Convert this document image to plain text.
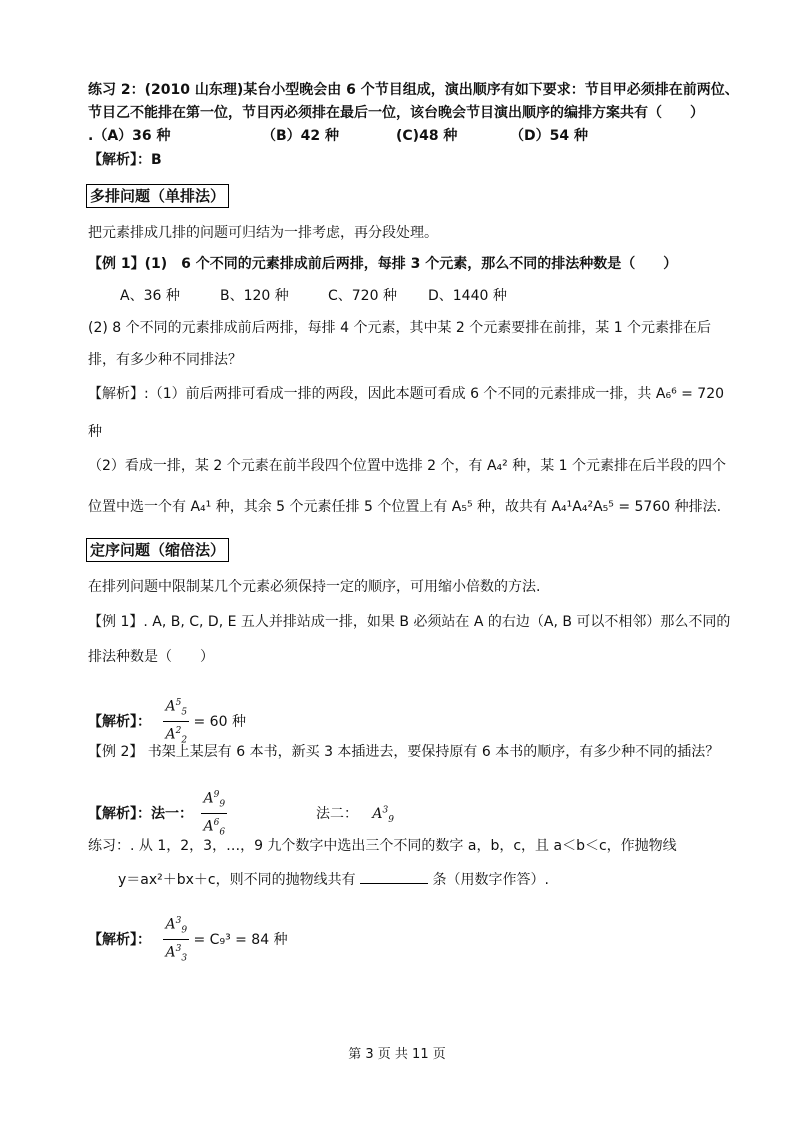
练习 2：(2010 山东理)某台小型晚会由 6 个节目组成，演出顺序有如下要求：节目甲必须排在前两位、
节目乙不能排在第一位，节目丙必须排在最后一位，该台晚会节目演出顺序的编排方案共有（　　）
.（A）36 种	（B）42 种	(C)48 种	（D）54 种
【解析】：B
多排问题（单排法）
把元素排成几排的问题可归结为一排考虑，再分段处理。
【例 1】(1)　6 个不同的元素排成前后两排，每排 3 个元素，那么不同的排法种数是（　　）
A、36 种	B、120 种	C、720 种 D、1440 种
(2) 8 个不同的元素排成前后两排，每排 4 个元素，其中某 2 个元素要排在前排，某 1 个元素排在后
排，有多少种不同排法？
【解析】:（1）前后两排可看成一排的两段，因此本题可看成 6 个不同的元素排成一排，共 A₆⁶ = 720
种
（2）看成一排，某 2 个元素在前半段四个位置中选排 2 个，有 A₄² 种，某 1 个元素排在后半段的四个
位置中选一个有 A₄¹ 种，其余 5 个元素任排 5 个位置上有 A₅⁵ 种，故共有 A₄¹A₄²A₅⁵ = 5760 种排法.
定序问题（缩倍法）
在排列问题中限制某几个元素必须保持一定的顺序，可用缩小倍数的方法.
【例 1】. A, B, C, D, E 五人并排站成一排，如果 B 必须站在 A 的右边（A, B 可以不相邻）那么不同的
排法种数是（　　）
【解析】： $\frac{A^5_5}{A^2_2} = 60$ 种
【例 2】 书架上某层有 6 本书，新买 3 本插进去，要保持原有 6 本书的顺序，有多少种不同的插法？
【解析】：法一： $\frac{A^9_9}{A^6_6}$	法二： $A^3_9$
练习：. 从 1，2，3，…，9 九个数字中选出三个不同的数字 a，b，c，且 a＜b＜c，作抛物线
y＝ax²＋bx＋c，则不同的抛物线共有	条（用数字作答）.
【解析】： $\frac{A^3_9}{A^3_3} = C_9^3 = 84$ 种
第 3 页 共 11 页
